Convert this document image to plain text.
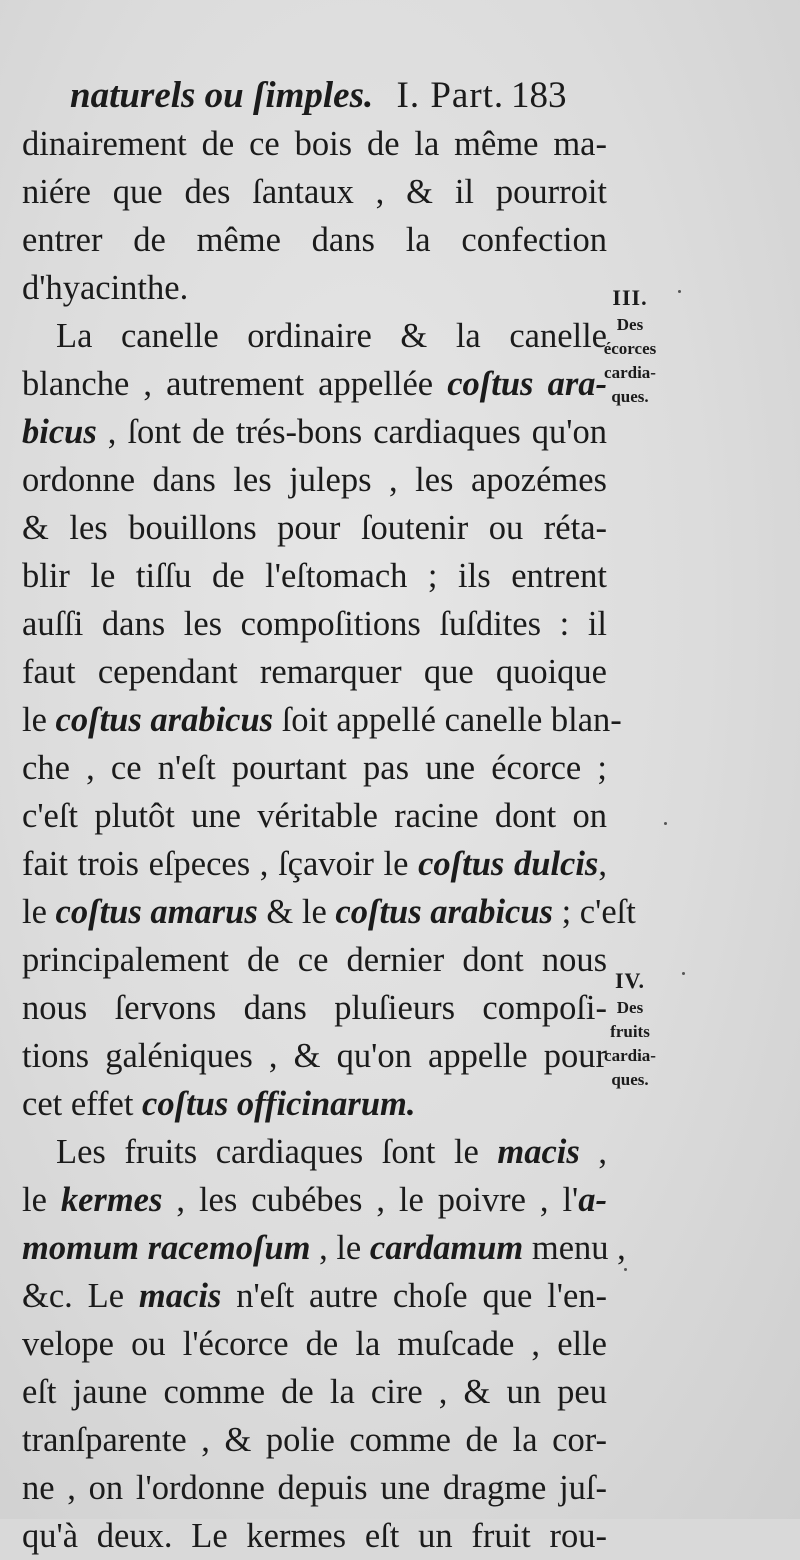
naturels ou ſimples. I. Part. 183
dinairement de ce bois de la même ma-
niére que des ſantaux , & il pourroit
entrer de même dans la confection
d'hyacinthe.
La canelle ordinaire & la canelle
blanche , autrement appellée coſtus ara-
bicus , ſont de trés-bons cardiaques qu'on
ordonne dans les juleps , les apozémes
& les bouillons pour ſoutenir ou réta-
blir le tiſſu de l'eſtomach ; ils entrent
auſſi dans les compoſitions ſuſdites : il
faut cependant remarquer que quoique
le coſtus arabicus ſoit appellé canelle blan-
che , ce n'eſt pourtant pas une écorce ;
c'eſt plutôt une véritable racine dont on
fait trois eſpeces , ſçavoir le coſtus dulcis,
le coſtus amarus & le coſtus arabicus ; c'eſt
principalement de ce dernier dont nous
nous ſervons dans pluſieurs compoſi-
tions galéniques , & qu'on appelle pour
cet effet coſtus officinarum.
Les fruits cardiaques ſont le macis ,
le kermes , les cubébes , le poivre , l'a-
momum racemoſum , le cardamum menu ,
&c. Le macis n'eſt autre choſe que l'en-
velope ou l'écorce de la muſcade , elle
eſt jaune comme de la cire , & un peu
tranſparente , & polie comme de la cor-
ne , on l'ordonne depuis une dragme juſ-
qu'à deux. Le kermes eſt un fruit rou-
III.
Des
écorces
cardia-
ques.
IV.
Des
fruits
cardia-
ques.
